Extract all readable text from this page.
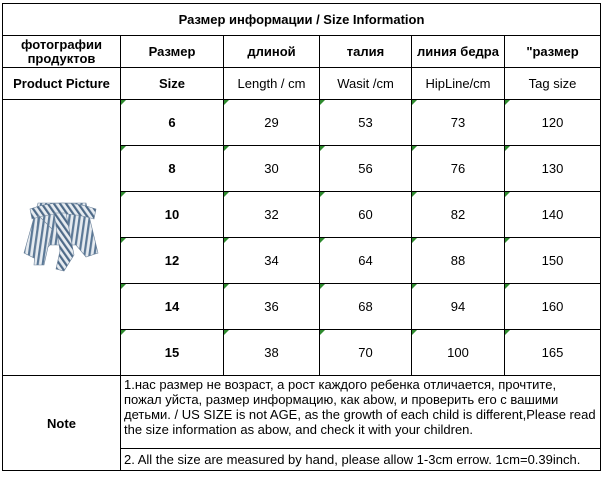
Размер информации / Size Information					
фотографии продуктов	Размер	длиной	талия	линия бедра	"размер
Product Picture	Size	Length / cm	Wasit /cm	HipLine/cm	Tag size

6	29	53	73	120

8	30	56	76	130

10	32	60	82	140

12	34	64	88	150

14	36	68	94	160

15	38	70	100	165
Note	1.нас размер не возраст, а рост каждого ребенка отличается, прочтите, пожал уйста, размер информацию, как abow, и проверить его с вашими детьми. / US SIZE is not AGE, as the growth of each child is different,Please read the size information as abow, and check it with your children.				
	2. All the size are measured by hand, please allow 1-3cm errow. 1cm=0.39inch.				
